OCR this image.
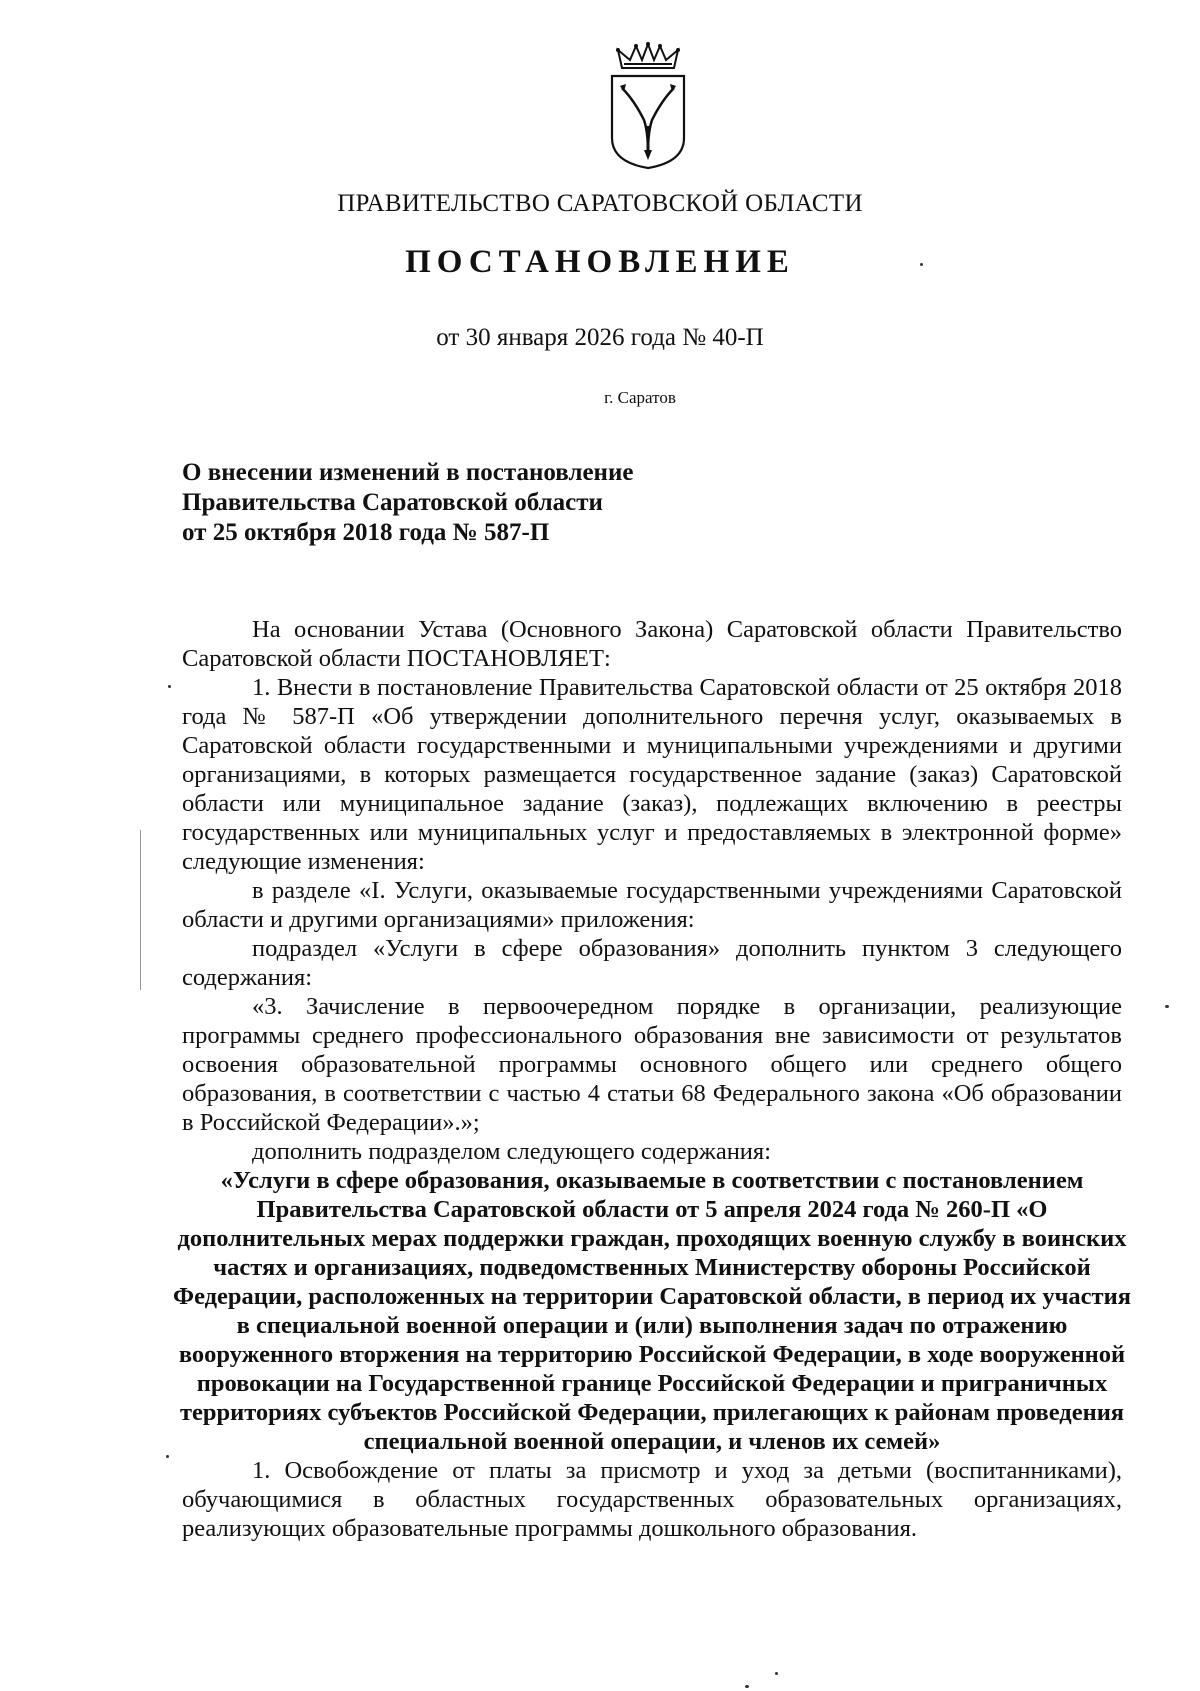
ПРАВИТЕЛЬСТВО САРАТОВСКОЙ ОБЛАСТИ
ПОСТАНОВЛЕНИЕ
от 30 января 2026 года № 40-П
г. Саратов
О внесении изменений в постановление
Правительства Саратовской области
от 25 октября 2018 года № 587-П

На основании Устава (Основного Закона) Саратовской области Правительство Саратовской области ПОСТАНОВЛЯЕТ:

1. Внести в постановление Правительства Саратовской области от 25 октября 2018 года № 587-П «Об утверждении дополнительного перечня услуг, оказываемых в Саратовской области государственными и муниципальными учреждениями и другими организациями, в которых размещается государственное задание (заказ) Саратовской области или муниципальное задание (заказ), подлежащих включению в реестры государственных или муниципальных услуг и предоставляемых в электронной форме» следующие изменения:

в разделе «I. Услуги, оказываемые государственными учреждениями Саратовской области и другими организациями» приложения:

подраздел «Услуги в сфере образования» дополнить пунктом 3 следующего содержания:

«3. Зачисление в первоочередном порядке в организации, реализующие программы среднего профессионального образования вне зависимости от результатов освоения образовательной программы основного общего или среднего общего образования, в соответствии с частью 4 статьи 68 Федерального закона «Об образовании в Российской Федерации».»;

дополнить подразделом следующего содержания:

«Услуги в сфере образования, оказываемые в соответствии с постановлением Правительства Саратовской области от 5 апреля 2024 года № 260-П «О дополнительных мерах поддержки граждан, проходящих военную службу в воинских частях и организациях, подведомственных Министерству обороны Российской Федерации, расположенных на территории Саратовской области, в период их участия в специальной военной операции и (или) выполнения задач по отражению вооруженного вторжения на территорию Российской Федерации, в ходе вооруженной провокации на Государственной границе Российской Федерации и приграничных территориях субъектов Российской Федерации, прилегающих к районам проведения специальной военной операции, и членов их семей»

1. Освобождение от платы за присмотр и уход за детьми (воспитанниками), обучающимися в областных государственных образовательных организациях, реализующих образовательные программы дошкольного образования.
